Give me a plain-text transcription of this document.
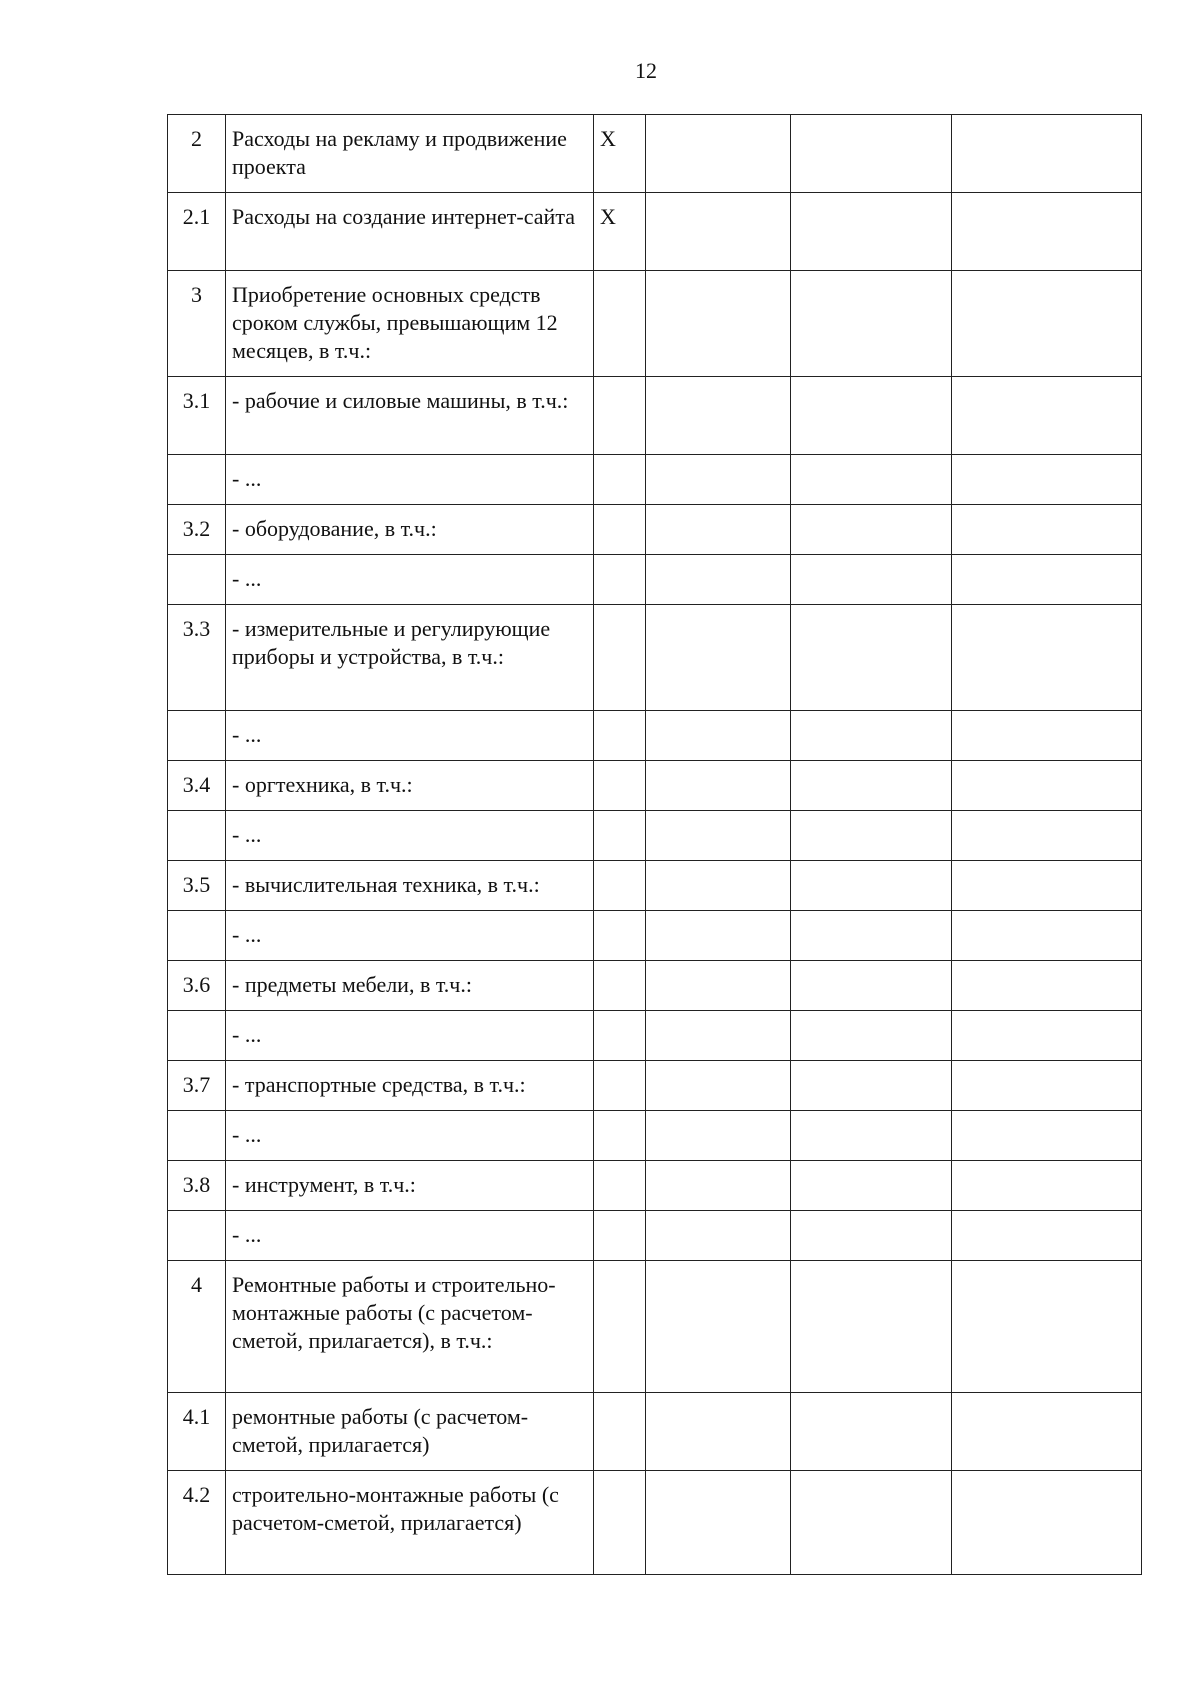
12
2	Расходы на рекламу и продвижение проекта	X			
2.1	Расходы на создание интернет-сайта	X			
3	Приобретение основных средств сроком службы, превышающим 12 месяцев, в т.ч.:				
3.1	- рабочие и силовые машины, в т.ч.:				
	- ...				
3.2	- оборудование, в т.ч.:				
	- ...				
3.3	- измерительные и регулирующие приборы и устройства, в т.ч.:				
	- ...				
3.4	- оргтехника, в т.ч.:				
	- ...				
3.5	- вычислительная техника, в т.ч.:				
	- ...				
3.6	- предметы мебели, в т.ч.:				
	- ...				
3.7	- транспортные средства, в т.ч.:				
	- ...				
3.8	- инструмент, в т.ч.:				
	- ...				
4	Ремонтные работы и строительно-монтажные работы (с расчетом-сметой, прилагается), в т.ч.:				
4.1	ремонтные работы (с расчетом-сметой, прилагается)				
4.2	строительно-монтажные работы (с расчетом-сметой, прилагается)				
